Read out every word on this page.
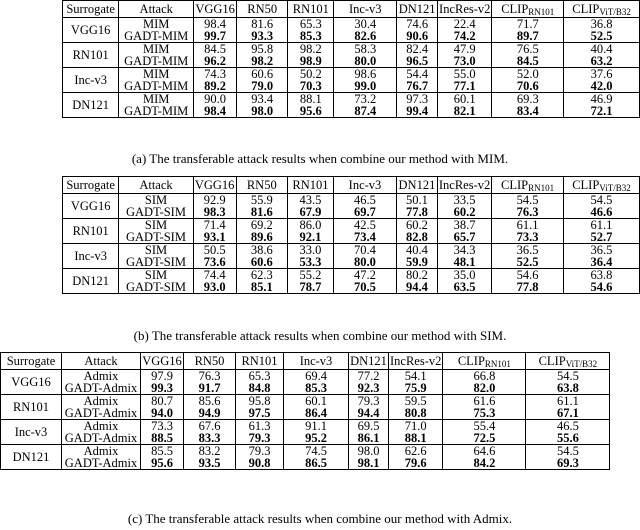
Surrogate	Attack	VGG16	RN50	RN101	Inc-v3	DN121	IncRes-v2	$CLIP_{RN101}$	$CLIP_{ViT/B32}$
VGG16	MIM	98.4	81.6	65.3	30.4	74.6	22.4	71.7	36.8
	GADT-MIM	99.7	93.3	85.3	82.6	90.6	74.2	89.7	52.5
RN101	MIM	84.5	95.8	98.2	58.3	82.4	47.9	76.5	40.4
	GADT-MIM	96.2	98.2	98.9	80.0	96.5	73.0	84.5	63.2
Inc-v3	MIM	74.3	60.6	50.2	98.6	54.4	55.0	52.0	37.6
	GADT-MIM	89.2	79.0	70.3	99.0	76.7	77.1	70.6	42.0
DN121	MIM	90.0	93.4	88.1	73.2	97.3	60.1	69.3	46.9
	GADT-MIM	98.4	98.0	95.6	87.4	99.4	82.1	83.4	72.1
(a) The transferable attack results when combine our method with MIM.
Surrogate	Attack	VGG16	RN50	RN101	Inc-v3	DN121	IncRes-v2	$CLIP_{RN101}$	$CLIP_{ViT/B32}$
VGG16	SIM	92.9	55.9	43.5	46.5	50.1	33.5	54.5	54.5
	GADT-SIM	98.3	81.6	67.9	69.7	77.8	60.2	76.3	46.6
RN101	SIM	71.4	69.2	86.0	42.5	60.2	38.7	61.1	61.1
	GADT-SIM	93.1	89.6	92.1	73.4	82.8	65.7	73.3	52.7
Inc-v3	SIM	50.5	38.6	33.0	70.4	40.4	34.3	36.5	36.5
	GADT-SIM	73.6	60.6	53.3	80.0	59.9	48.1	52.5	36.4
DN121	SIM	74.4	62.3	55.2	47.2	80.2	35.0	54.6	63.8
	GADT-SIM	93.0	85.1	78.7	70.5	94.4	63.5	77.8	54.6
(b) The transferable attack results when combine our method with SIM.
Surrogate	Attack	VGG16	RN50	RN101	Inc-v3	DN121	IncRes-v2	$CLIP_{RN101}$	$CLIP_{ViT/B32}$
VGG16	Admix	97.9	76.3	65.3	69.4	77.2	54.1	66.8	54.5
	GADT-Admix	99.3	91.7	84.8	85.3	92.3	75.9	82.0	63.8
RN101	Admix	80.7	85.6	95.8	60.1	79.3	59.5	61.6	61.1
	GADT-Admix	94.0	94.9	97.5	86.4	94.4	80.8	75.3	67.1
Inc-v3	Admix	73.3	67.6	61.3	91.1	69.5	71.0	55.4	46.5
	GADT-Admix	88.5	83.3	79.3	95.2	86.1	88.1	72.5	55.6
DN121	Admix	85.5	83.2	79.3	74.5	98.0	62.6	64.6	54.5
	GADT-Admix	95.6	93.5	90.8	86.5	98.1	79.6	84.2	69.3
(c) The transferable attack results when combine our method with Admix.
